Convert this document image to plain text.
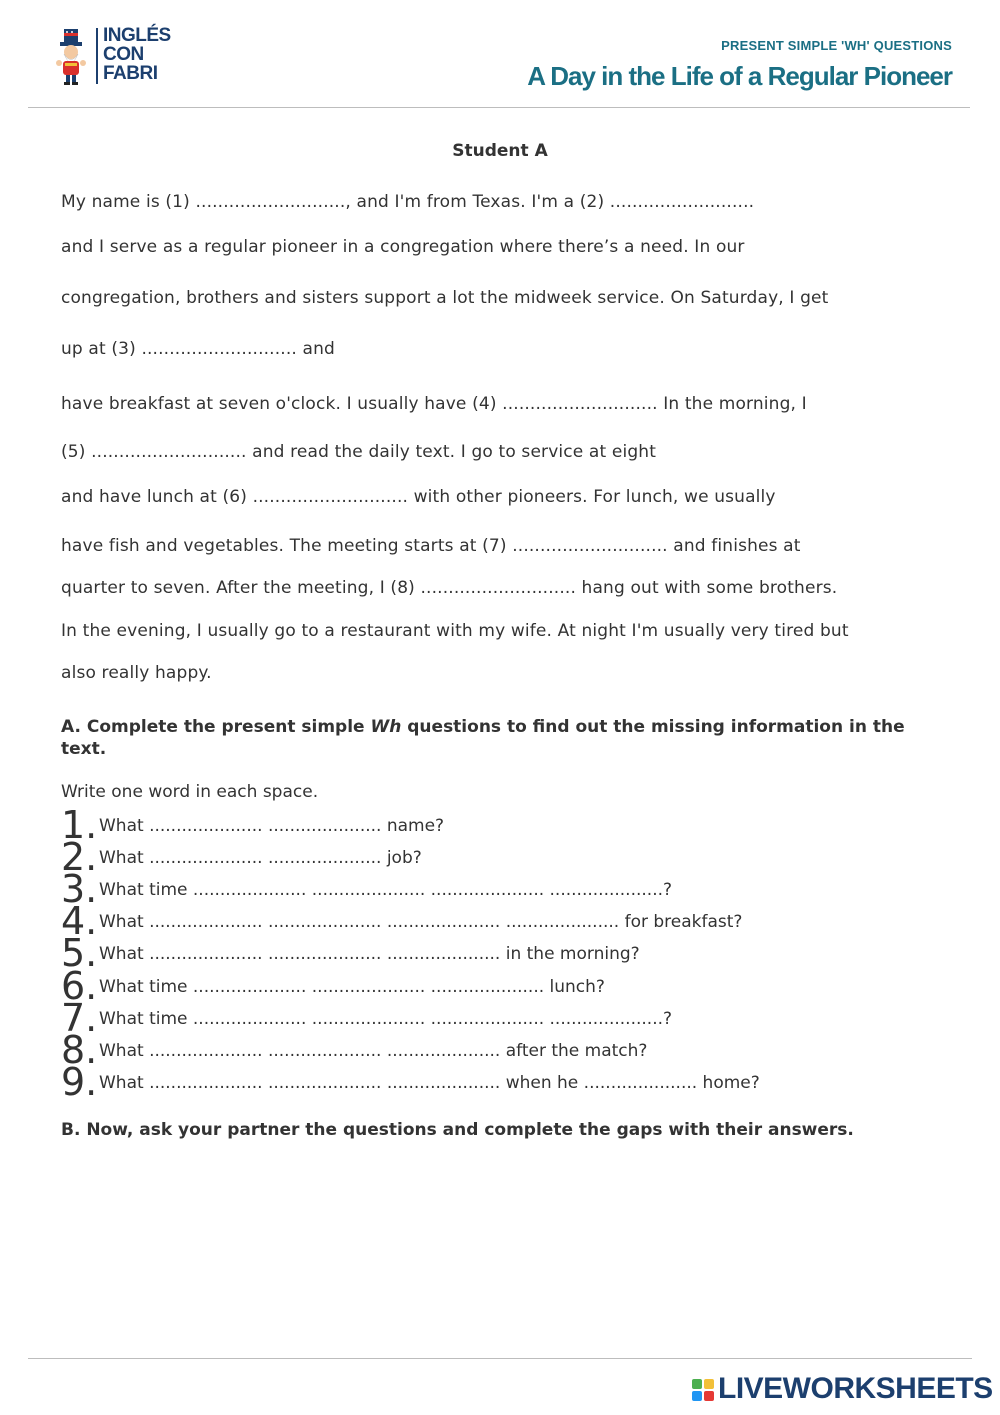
INGLÉS CON FABRI
PRESENT SIMPLE 'WH' QUESTIONS
A Day in the Life of a Regular Pioneer
Student A
My name is (1) ..........................., and I'm from Texas. I'm a (2) ..........................
and I serve as a regular pioneer in a congregation where there’s a need. In our
congregation, brothers and sisters support a lot the midweek service. On Saturday, I get
up at (3) ............................ and
have breakfast at seven o'clock. I usually have (4) ............................ In the morning, I
(5) ............................ and read the daily text. I go to service at eight
and have lunch at (6) ............................ with other pioneers. For lunch, we usually
have fish and vegetables. The meeting starts at (7) ............................ and finishes at
quarter to seven. After the meeting, I (8) ............................ hang out with some brothers.
In the evening, I usually go to a restaurant with my wife. At night I'm usually very tired but
also really happy.
A. Complete the present simple Wh questions to find out the missing information in the text.
Write one word in each space.
1. What ..................... ..................... name?
2. What ..................... ..................... job?
3. What time ..................... ..................... ..................... .....................?
4. What ..................... ..................... ..................... ..................... for breakfast?
5. What ..................... ..................... ..................... in the morning?
6. What time ..................... ..................... ..................... lunch?
7. What time ..................... ..................... ..................... .....................?
8. What ..................... ..................... ..................... after the match?
9. What ..................... ..................... ..................... when he ..................... home?
B. Now, ask your partner the questions and complete the gaps with their answers.
LIVEWORKSHEETS
